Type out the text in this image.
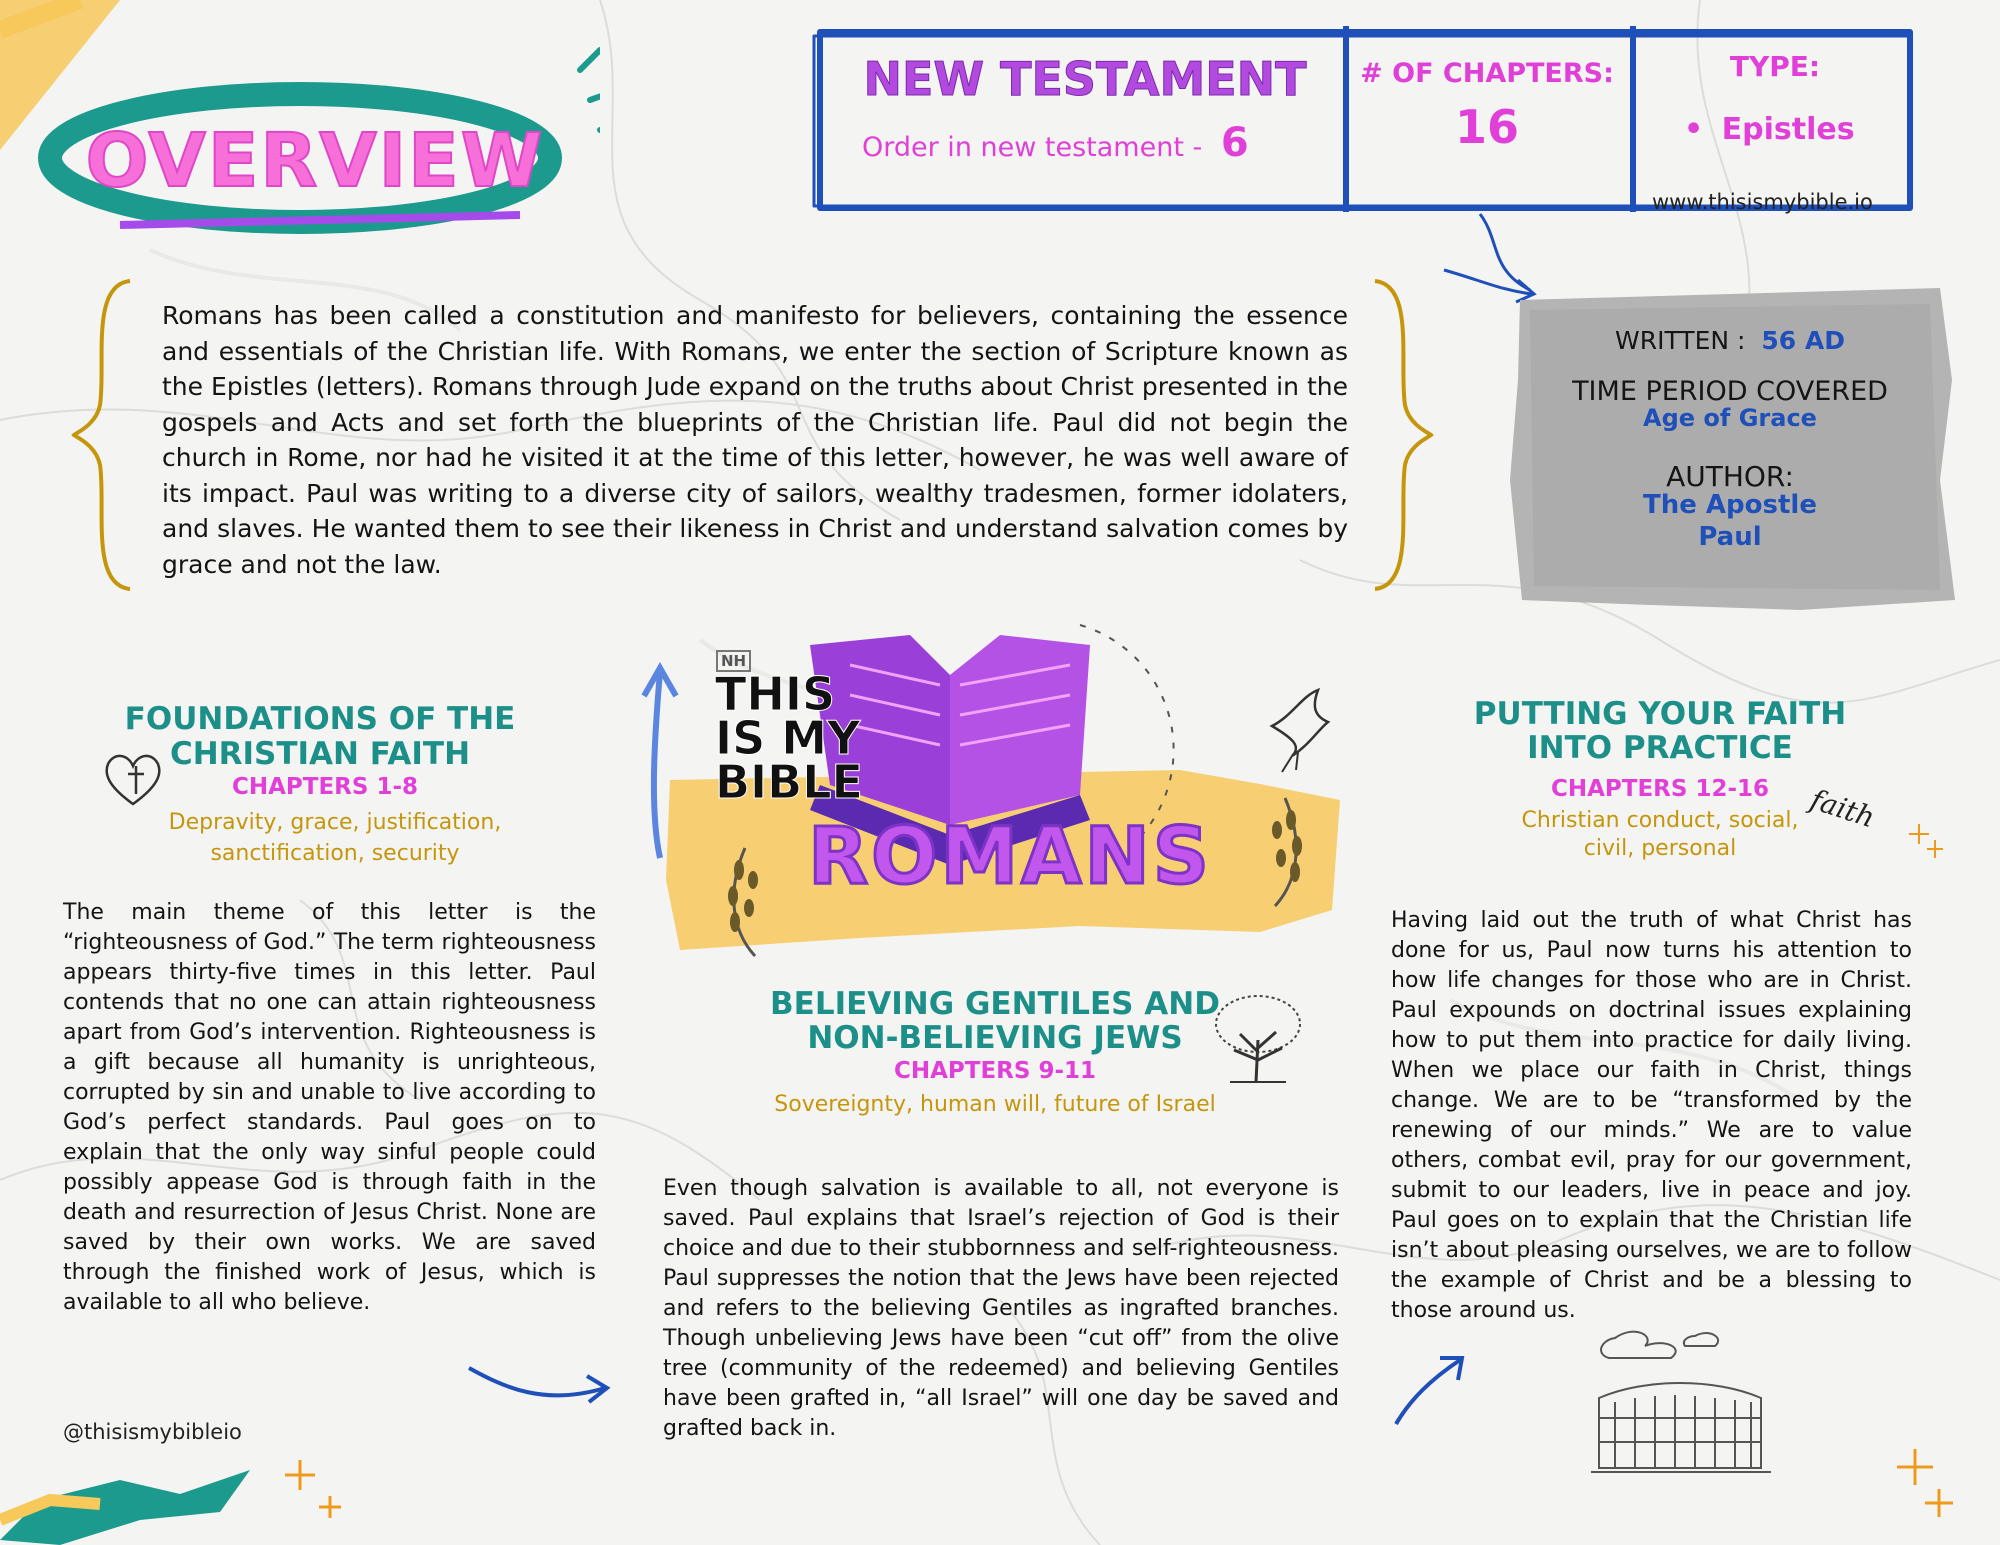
OVERVIEW
NEW TESTAMENT
Order in new testament - 6
# OF CHAPTERS:
16
TYPE:
• Epistles
www.thisismybible.io
Romans has been called a constitution and manifesto for believers, containing the essence and essentials of the Christian life. With Romans, we enter the section of Scripture known as the Epistles (letters). Romans through Jude expand on the truths about Christ presented in the gospels and Acts and set forth the blueprints of the Christian life. Paul did not begin the church in Rome, nor had he visited it at the time of this letter, however, he was well aware of its impact. Paul was writing to a diverse city of sailors, wealthy tradesmen, former idolaters, and slaves. He wanted them to see their likeness in Christ and understand salvation comes by grace and not the law.
WRITTEN : 56 AD
TIME PERIOD COVERED
Age of Grace
AUTHOR:
The Apostle
Paul
FOUNDATIONS OF THE
CHRISTIAN FAITH
CHAPTERS 1-8
Depravity, grace, justification,
sanctification, security
The main theme of this letter is the “righteousness of God.” The term righteousness appears thirty-five times in this letter. Paul contends that no one can attain righteousness apart from God’s intervention. Righteousness is a gift because all humanity is unrighteous, corrupted by sin and unable to live according to God’s perfect standards. Paul goes on to explain that the only way sinful people could possibly appease God is through faith in the death and resurrection of Jesus Christ. None are saved by their own works. We are saved through the finished work of Jesus, which is available to all who believe.
@thisismybibleio
NH
THIS
IS MY
BIBLE
ROMANS
BELIEVING GENTILES AND
NON-BELIEVING JEWS
CHAPTERS 9-11
Sovereignty, human will, future of Israel
Even though salvation is available to all, not everyone is saved. Paul explains that Israel’s rejection of God is their choice and due to their stubbornness and self-righteousness. Paul suppresses the notion that the Jews have been rejected and refers to the believing Gentiles as ingrafted branches. Though unbelieving Jews have been “cut off” from the olive tree (community of the redeemed) and believing Gentiles have been grafted in, “all Israel” will one day be saved and grafted back in.
PUTTING YOUR FAITH
INTO PRACTICE
CHAPTERS 12-16
Christian conduct, social,
civil, personal
faith
Having laid out the truth of what Christ has done for us, Paul now turns his attention to how life changes for those who are in Christ. Paul expounds on doctrinal issues explaining how to put them into practice for daily living. When we place our faith in Christ, things change. We are to be “transformed by the renewing of our minds.” We are to value others, combat evil, pray for our government, submit to our leaders, live in peace and joy. Paul goes on to explain that the Christian life isn’t about pleasing ourselves, we are to follow the example of Christ and be a blessing to those around us.
